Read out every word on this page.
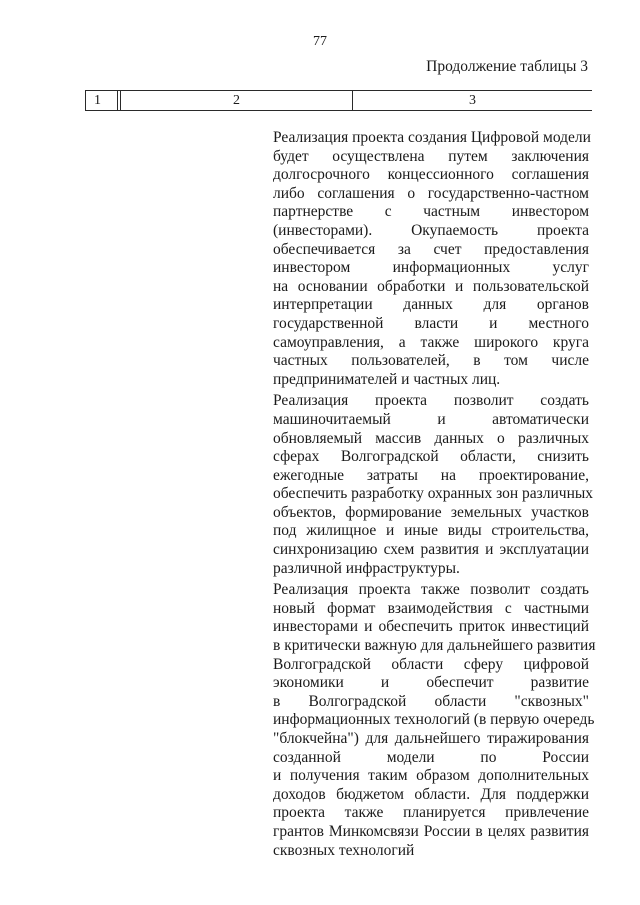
77
Продолжение таблицы 3
1	2	3

Реализация проекта создания Цифровой модели
будет осуществлена путем заключения
долгосрочного концессионного соглашения
либо соглашения о государственно-частном
партнерстве с частным инвестором
(инвесторами). Окупаемость проекта
обеспечивается за счет предоставления
инвестором информационных услуг
на основании обработки и пользовательской
интерпретации данных для органов
государственной власти и местного
самоуправления, а также широкого круга
частных пользователей, в том числе
предпринимателей и частных лиц.

Реализация проекта позволит создать
машиночитаемый и автоматически
обновляемый массив данных о различных
сферах Волгоградской области, снизить
ежегодные затраты на проектирование,
обеспечить разработку охранных зон различных
объектов, формирование земельных участков
под жилищное и иные виды строительства,
синхронизацию схем развития и эксплуатации
различной инфраструктуры.

Реализация проекта также позволит создать
новый формат взаимодействия с частными
инвесторами и обеспечить приток инвестиций
в критически важную для дальнейшего развития
Волгоградской области сферу цифровой
экономики и обеспечит развитие
в Волгоградской области "сквозных"
информационных технологий (в первую очередь
"блокчейна") для дальнейшего тиражирования
созданной модели по России
и получения таким образом дополнительных
доходов бюджетом области. Для поддержки
проекта также планируется привлечение
грантов Минкомсвязи России в целях развития
сквозных технологий
